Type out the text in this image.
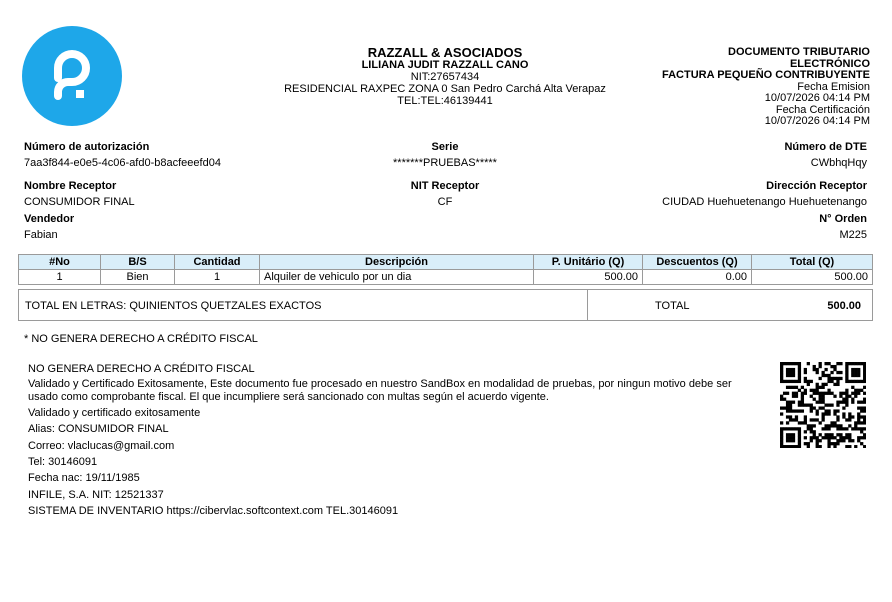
RAZZALL & ASOCIADOS
LILIANA JUDIT RAZZALL CANO
NIT:27657434
RESIDENCIAL RAXPEC ZONA 0 San Pedro Carchá Alta Verapaz
TEL:TEL:46139441
DOCUMENTO TRIBUTARIO
ELECTRÓNICO
FACTURA PEQUEÑO CONTRIBUYENTE
Fecha Emision
10/07/2026 04:14 PM
Fecha Certificación
10/07/2026 04:14 PM
Número de autorización
7aa3f844-e0e5-4c06-afd0-b8acfeeefd04
Serie
*******PRUEBAS*****
Número de DTE
CWbhqHqy
Nombre Receptor
CONSUMIDOR FINAL
NIT Receptor
CF
Dirección Receptor
CIUDAD Huehuetenango Huehuetenango
Vendedor
Fabian
N° Orden
M225
#No	B/S	Cantidad	Descripción	P. Unitário (Q)	Descuentos (Q)	Total (Q)
1	Bien	1	Alquiler de vehiculo por un dia	500.00	0.00	500.00
TOTAL EN LETRAS: QUINIENTOS QUETZALES EXACTOS	TOTAL	500.00
* NO GENERA DERECHO A CRÉDITO FISCAL
NO GENERA DERECHO A CRÉDITO FISCAL
Validado y Certificado Exitosamente, Este documento fue procesado en nuestro SandBox en modalidad de pruebas, por ningun motivo debe ser
usado como comprobante fiscal. El que incumpliere será sancionado con multas según el acuerdo vigente.
Validado y certificado exitosamente
Alias: CONSUMIDOR FINAL
Correo: vlaclucas@gmail.com
Tel: 30146091
Fecha nac: 19/11/1985
INFILE, S.A. NIT: 12521337
SISTEMA DE INVENTARIO https://cibervlac.softcontext.com TEL.30146091
